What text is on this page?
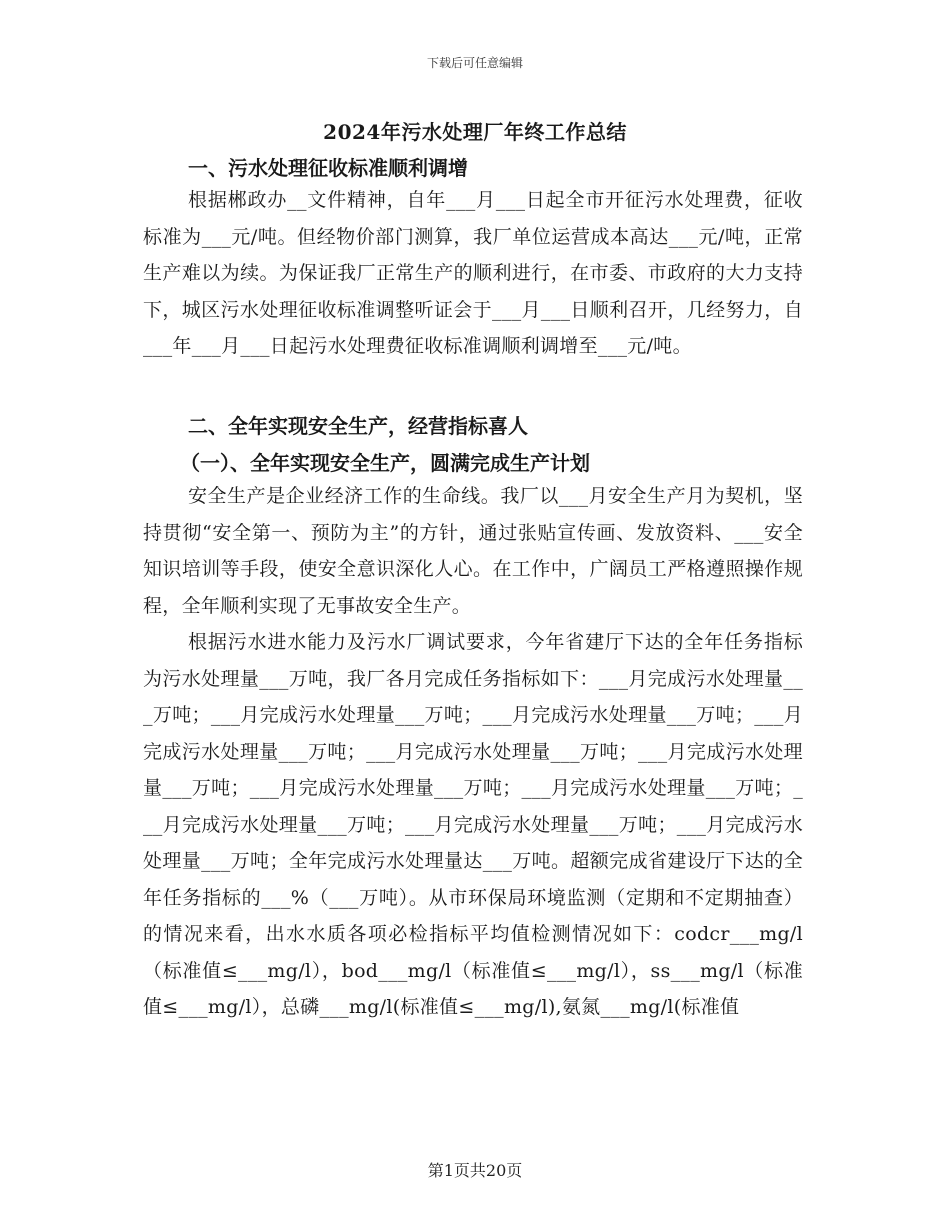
下载后可任意编辑
2024年污水处理厂年终工作总结
一、污水处理征收标准顺利调增
根据郴政办__文件精神，自年___月___日起全市开征污水处理费，征收标准为___元/吨。但经物价部门测算，我厂单位运营成本高达___元/吨，正常生产难以为续。为保证我厂正常生产的顺利进行，在市委、市政府的大力支持下，城区污水处理征收标准调整听证会于___月___日顺利召开，几经努力，自___年___月___日起污水处理费征收标准调顺利调增至___元/吨。
二、全年实现安全生产，经营指标喜人
（一）、全年实现安全生产，圆满完成生产计划
安全生产是企业经济工作的生命线。我厂以___月安全生产月为契机，坚持贯彻“安全第一、预防为主”的方针，通过张贴宣传画、发放资料、___安全知识培训等手段，使安全意识深化人心。在工作中，广阔员工严格遵照操作规程，全年顺利实现了无事故安全生产。
根据污水进水能力及污水厂调试要求，今年省建厅下达的全年任务指标为污水处理量___万吨，我厂各月完成任务指标如下：___月完成污水处理量___万吨；___月完成污水处理量___万吨；___月完成污水处理量___万吨；___月完成污水处理量___万吨；___月完成污水处理量___万吨；___月完成污水处理量___万吨；___月完成污水处理量___万吨；___月完成污水处理量___万吨；___月完成污水处理量___万吨；___月完成污水处理量___万吨；___月完成污水处理量___万吨；全年完成污水处理量达___万吨。超额完成省建设厅下达的全年任务指标的___%（___万吨）。从市环保局环境监测（定期和不定期抽查）的情况来看，出水水质各项必检指标平均值检测情况如下：codcr___mg/l（标准值≤___mg/l），bod___mg/l（标准值≤___mg/l），ss___mg/l（标准值≤___mg/l），总磷___mg/l(标准值≤___mg/l),氨氮___mg/l(标准值
第1页共20页
